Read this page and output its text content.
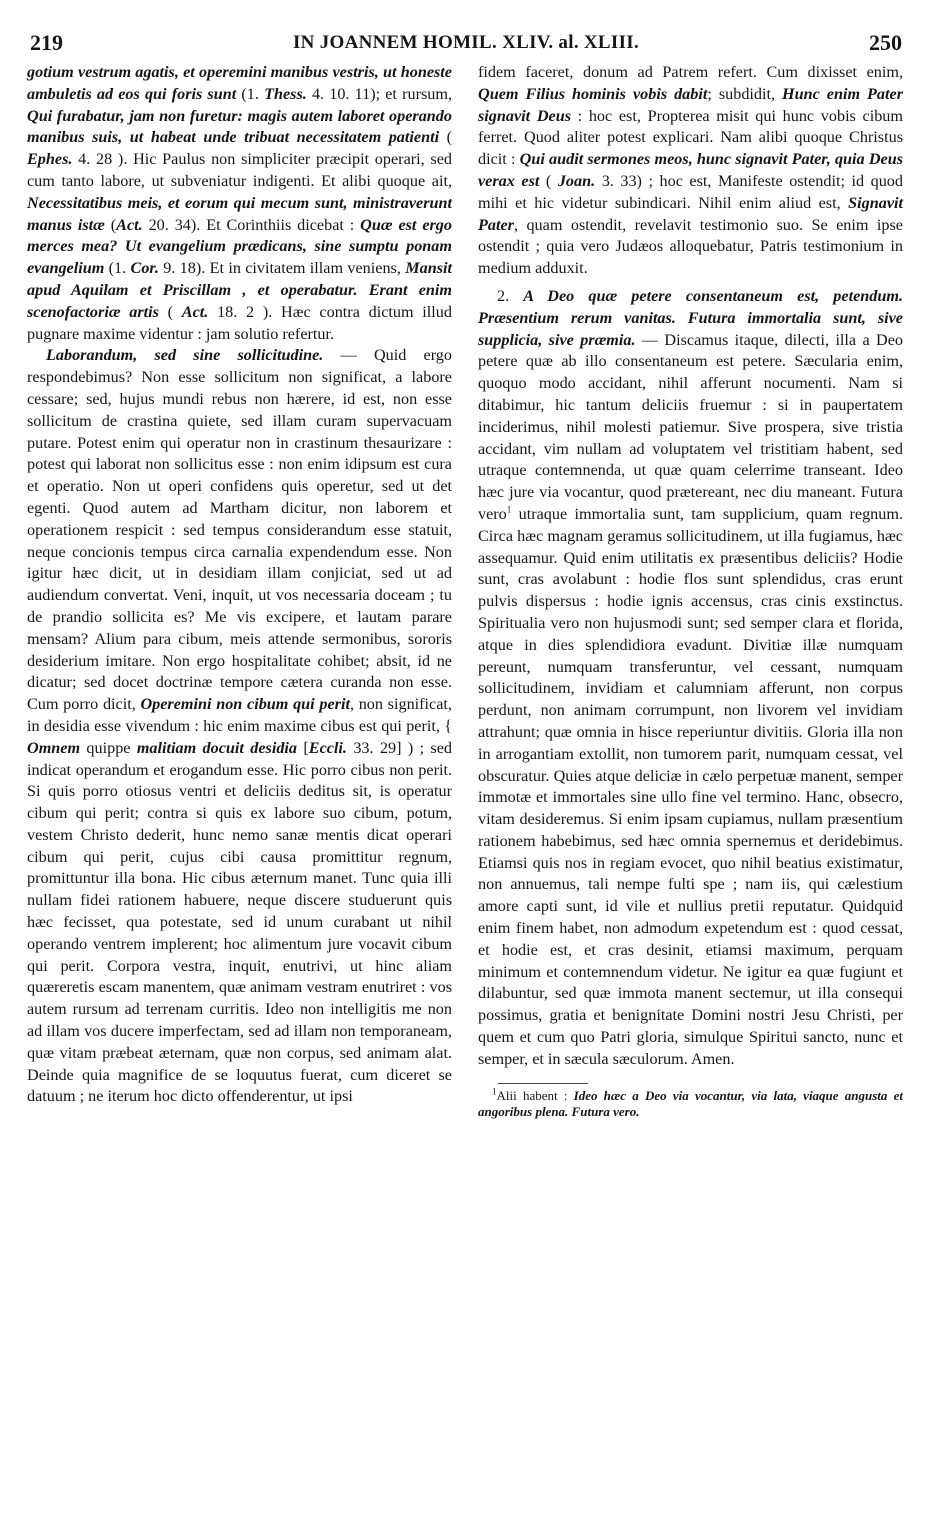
219	IN JOANNEM HOMIL. XLIV. al. XLIII.	250

gotium vestrum agatis, et operemini manibus vestris, ut honeste ambuletis ad eos qui foris sunt (1. Thess. 4. 10. 11); et rursum, Qui furabatur, jam non furetur: magis autem laboret operando manibus suis, ut habeat unde tribuat necessitatem patienti ( Ephes. 4. 28 ). Hic Paulus non simpliciter præcipit operari, sed cum tanto labore, ut subveniatur indigenti. Et alibi quoque ait, Necessitatibus meis, et eorum qui mecum sunt, ministraverunt manus istæ (Act. 20. 34). Et Corinthiis dicebat : Quæ est ergo merces mea? Ut evangelium prædicans, sine sumptu ponam evangelium (1. Cor. 9. 18). Et in civitatem illam veniens, Mansit apud Aquilam et Priscillam , et operabatur. Erant enim scenofactoriæ artis ( Act. 18. 2 ). Hæc contra dictum illud pugnare maxime videntur : jam solutio refertur.

Laborandum, sed sine sollicitudine. — Quid ergo respondebimus? Non esse sollicitum non significat, a labore cessare; sed, hujus mundi rebus non hærere, id est, non esse sollicitum de crastina quiete, sed illam curam supervacuam putare. Potest enim qui operatur non in crastinum thesaurizare : potest qui laborat non sollicitus esse : non enim idipsum est cura et operatio. Non ut operi confidens quis operetur, sed ut det egenti. Quod autem ad Martham dicitur, non laborem et operationem respicit : sed tempus considerandum esse statuit, neque concionis tempus circa carnalia expendendum esse. Non igitur hæc dicit, ut in desidiam illam conjiciat, sed ut ad audiendum convertat. Veni, inquit, ut vos necessaria doceam ; tu de prandio sollicita es? Me vis excipere, et lautam parare mensam? Alium para cibum, meis attende sermonibus, sororis desiderium imitare. Non ergo hospitalitate cohibet; absit, id ne dicatur; sed docet doctrinæ tempore cætera curanda non esse. Cum porro dicit, Operemini non cibum qui perit, non significat, in desidia esse vivendum : hic enim maxime cibus est qui perit, { Omnem quippe malitiam docuit desidia [Eccli. 33. 29] ) ; sed indicat operandum et erogandum esse. Hic porro cibus non perit. Si quis porro otiosus ventri et deliciis deditus sit, is operatur cibum qui perit; contra si quis ex labore suo cibum, potum, vestem Christo dederit, hunc nemo sanæ mentis dicat operari cibum qui perit, cujus cibi causa promittitur regnum, promittuntur illa bona. Hic cibus æternum manet. Tunc quia illi nullam fidei rationem habuere, neque discere studuerunt quis hæc fecisset, qua potestate, sed id unum curabant ut nihil operando ventrem implerent; hoc alimentum jure vocavit cibum qui perit. Corpora vestra, inquit, enutrivi, ut hinc aliam quæreretis escam manentem, quæ animam vestram enutriret : vos autem rursum ad terrenam curritis. Ideo non intelligitis me non ad illam vos ducere imperfectam, sed ad illam non temporaneam, quæ vitam præbeat æternam, quæ non corpus, sed animam alat. Deinde quia magnifice de se loquutus fuerat, cum diceret se datuum ; ne iterum hoc dicto offenderentur, ut ipsi

fidem faceret, donum ad Patrem refert. Cum dixisset enim, Quem Filius hominis vobis dabit; subdidit, Hunc enim Pater signavit Deus : hoc est, Propterea misit qui hunc vobis cibum ferret. Quod aliter potest explicari. Nam alibi quoque Christus dicit : Qui audit sermones meos, hunc signavit Pater, quia Deus verax est ( Joan. 3. 33) ; hoc est, Manifeste ostendit; id quod mihi et hic videtur subindicari. Nihil enim aliud est, Signavit Pater, quam ostendit, revelavit testimonio suo. Se enim ipse ostendit ; quia vero Judæos alloquebatur, Patris testimonium in medium adduxit.

2. A Deo quæ petere consentaneum est, petendum. Præsentium rerum vanitas. Futura immortalia sunt, sive supplicia, sive præmia. — Discamus itaque, dilecti, illa a Deo petere quæ ab illo consentaneum est petere. Sæcularia enim, quoquo modo accidant, nihil afferunt nocumenti. Nam si ditabimur, hic tantum deliciis fruemur : si in paupertatem inciderimus, nihil molesti patiemur. Sive prospera, sive tristia accidant, vim nullam ad voluptatem vel tristitiam habent, sed utraque contemnenda, ut quæ quam celerrime transeant. Ideo hæc jure via vocantur, quod prætereant, nec diu maneant. Futura vero$^1$ utraque immortalia sunt, tam supplicium, quam regnum. Circa hæc magnam geramus sollicitudinem, ut illa fugiamus, hæc assequamur. Quid enim utilitatis ex præsentibus deliciis? Hodie sunt, cras avolabunt : hodie flos sunt splendidus, cras erunt pulvis dispersus : hodie ignis accensus, cras cinis exstinctus. Spiritualia vero non hujusmodi sunt; sed semper clara et florida, atque in dies splendidiora evadunt. Divitiæ illæ numquam pereunt, numquam transferuntur, vel cessant, numquam sollicitudinem, invidiam et calumniam afferunt, non corpus perdunt, non animam corrumpunt, non livorem vel invidiam attrahunt; quæ omnia in hisce reperiuntur divitiis. Gloria illa non in arrogantiam extollit, non tumorem parit, numquam cessat, vel obscuratur. Quies atque deliciæ in cælo perpetuæ manent, semper immotæ et immortales sine ullo fine vel termino. Hanc, obsecro, vitam desideremus. Si enim ipsam cupiamus, nullam præsentium rationem habebimus, sed hæc omnia spernemus et deridebimus. Etiamsi quis nos in regiam evocet, quo nihil beatius existimatur, non annuemus, tali nempe fulti spe ; nam iis, qui cælestium amore capti sunt, id vile et nullius pretii reputatur. Quidquid enim finem habet, non admodum expetendum est : quod cessat, et hodie est, et cras desinit, etiamsi maximum, perquam minimum et contemnendum videtur. Ne igitur ea quæ fugiunt et dilabuntur, sed quæ immota manent sectemur, ut illa consequi possimus, gratia et benignitate Domini nostri Jesu Christi, per quem et cum quo Patri gloria, simulque Spiritui sancto, nunc et semper, et in sæcula sæculorum. Amen.

$^1$Alii habent : Ideo hæc a Deo via vocantur, via lata, viaque angusta et angoribus plena. Futura vero.
